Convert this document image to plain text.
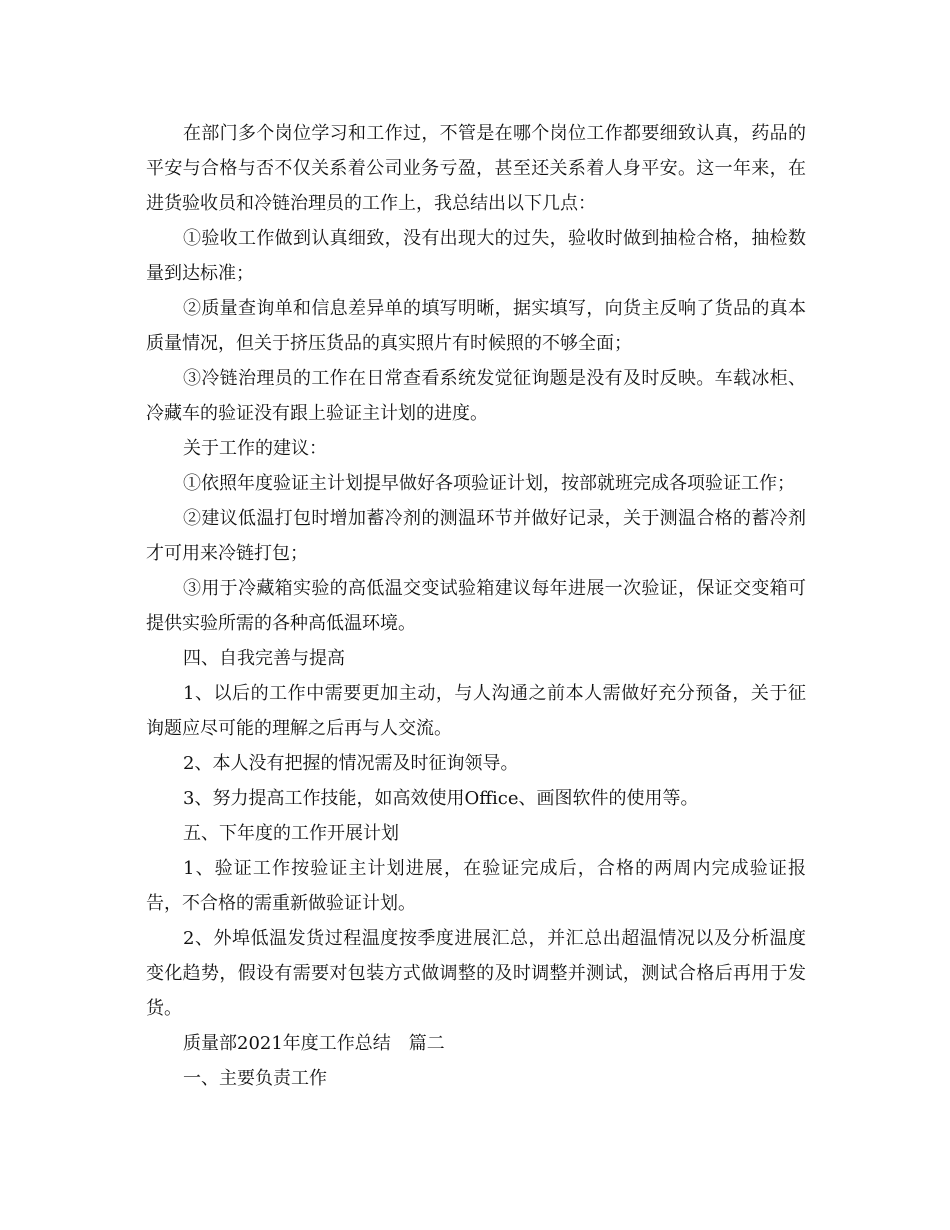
在部门多个岗位学习和工作过，不管是在哪个岗位工作都要细致认真，药品的平安与合格与否不仅关系着公司业务亏盈，甚至还关系着人身平安。这一年来，在进货验收员和冷链治理员的工作上，我总结出以下几点：

①验收工作做到认真细致，没有出现大的过失，验收时做到抽检合格，抽检数量到达标准；

②质量查询单和信息差异单的填写明晰，据实填写，向货主反响了货品的真本质量情况，但关于挤压货品的真实照片有时候照的不够全面；

③冷链治理员的工作在日常查看系统发觉征询题是没有及时反映。车载冰柜、冷藏车的验证没有跟上验证主计划的进度。

关于工作的建议：

①依照年度验证主计划提早做好各项验证计划，按部就班完成各项验证工作；

②建议低温打包时增加蓄冷剂的测温环节并做好记录，关于测温合格的蓄冷剂才可用来冷链打包；

③用于冷藏箱实验的高低温交变试验箱建议每年进展一次验证，保证交变箱可提供实验所需的各种高低温环境。

四、自我完善与提高

1、以后的工作中需要更加主动，与人沟通之前本人需做好充分预备，关于征询题应尽可能的理解之后再与人交流。

2、本人没有把握的情况需及时征询领导。

3、努力提高工作技能，如高效使用Office、画图软件的使用等。

五、下年度的工作开展计划

1、验证工作按验证主计划进展，在验证完成后，合格的两周内完成验证报告，不合格的需重新做验证计划。

2、外埠低温发货过程温度按季度进展汇总，并汇总出超温情况以及分析温度变化趋势，假设有需要对包装方式做调整的及时调整并测试，测试合格后再用于发货。

质量部2021年度工作总结　篇二

一、主要负责工作
